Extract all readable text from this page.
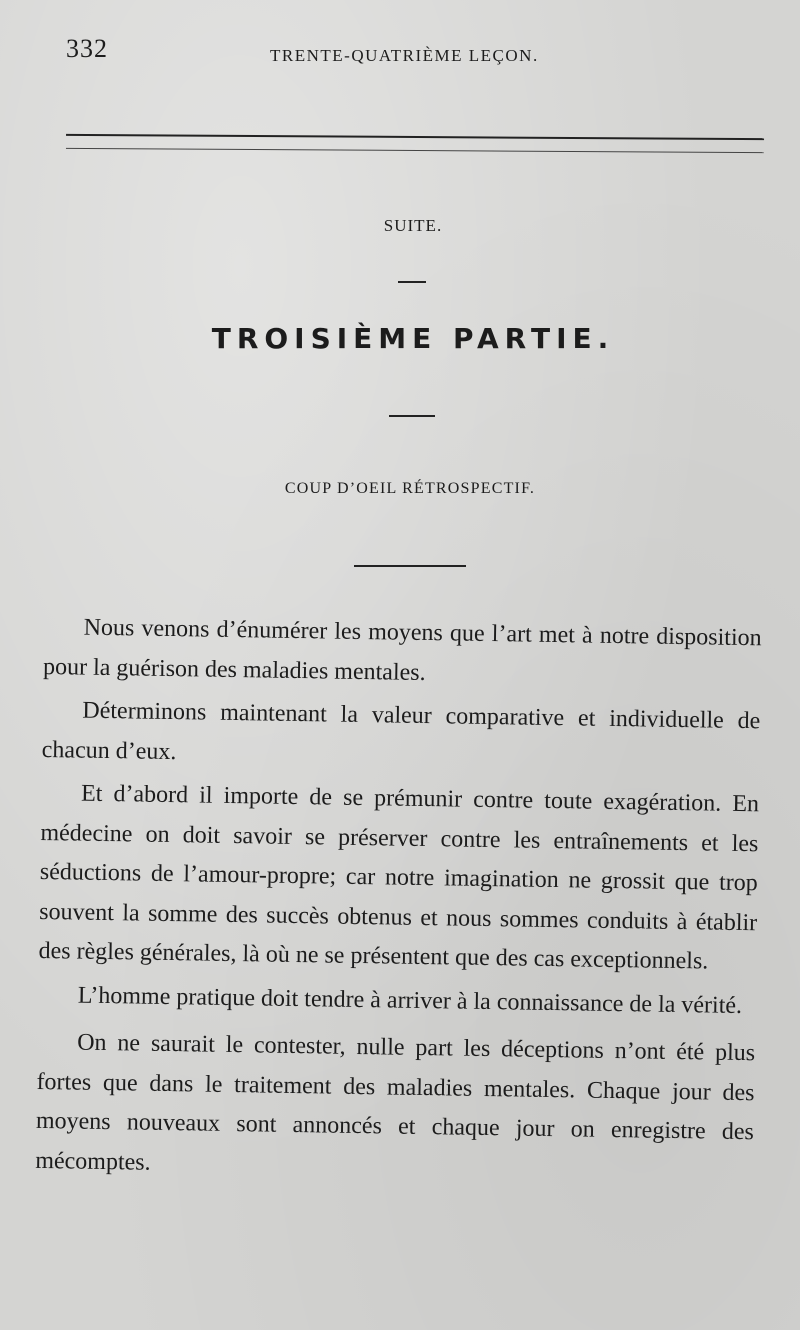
332	TRENTE-QUATRIÈME LEÇON.
SUITE.
TROISIÈME PARTIE.
COUP D’OEIL RÉTROSPECTIF.

Nous venons d’énumérer les moyens que l’art met à notre disposition pour la guérison des maladies mentales.

Déterminons maintenant la valeur comparative et individuelle de chacun d’eux.

Et d’abord il importe de se prémunir contre toute exagération. En médecine on doit savoir se préserver contre les entraînements et les séductions de l’amour-propre; car notre imagination ne grossit que trop souvent la somme des succès obtenus et nous sommes conduits à établir des règles générales, là où ne se présentent que des cas exceptionnels.

L’homme pratique doit tendre à arriver à la connaissance de la vérité.

On ne saurait le contester, nulle part les déceptions n’ont été plus fortes que dans le traitement des maladies mentales. Chaque jour des moyens nouveaux sont annoncés et chaque jour on enregistre des mécomptes.
